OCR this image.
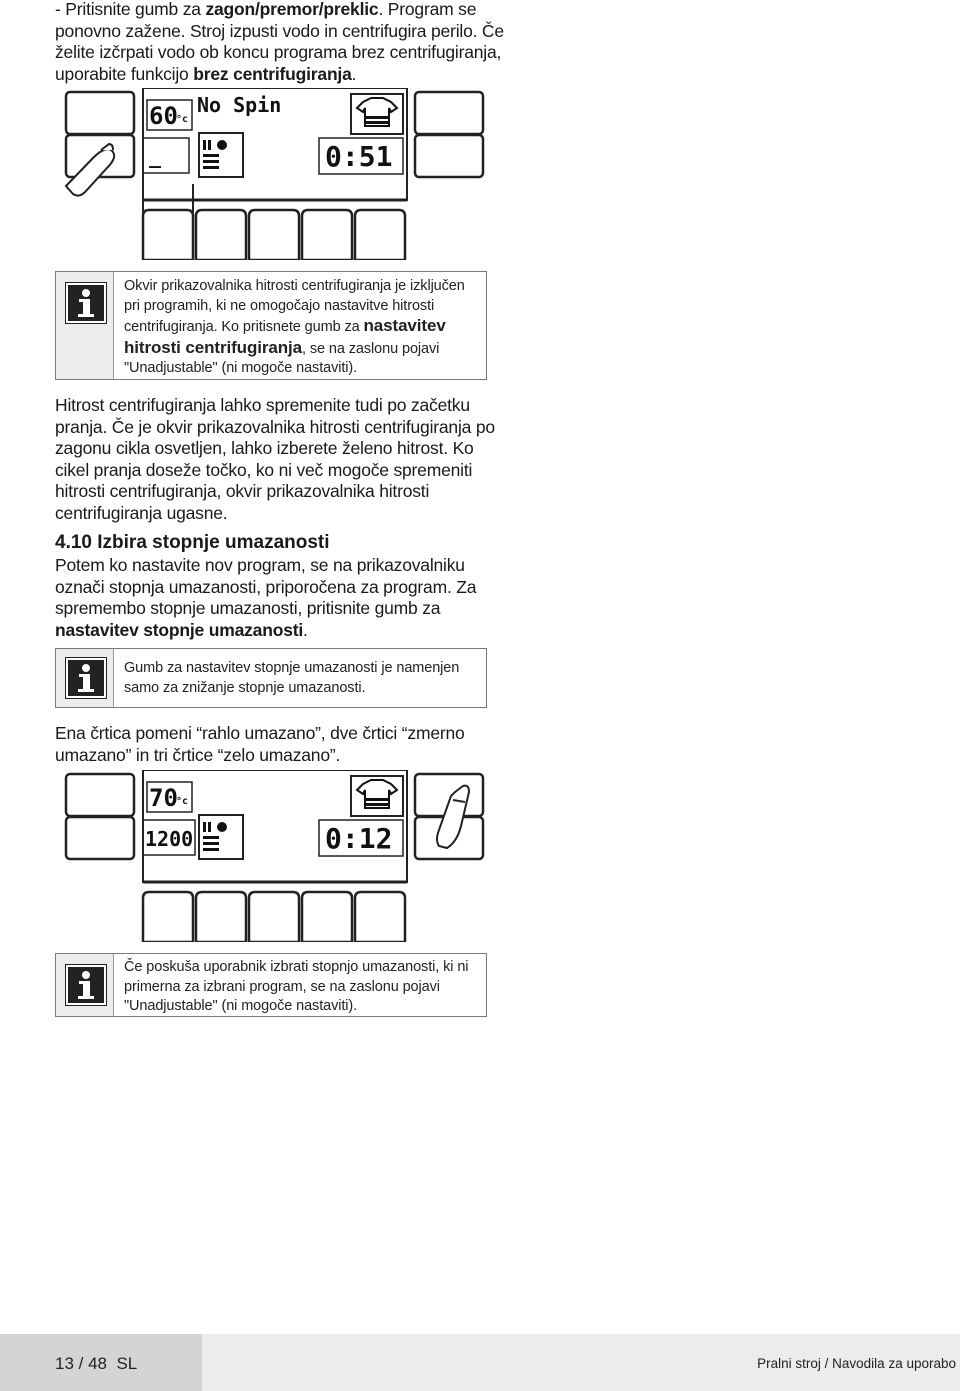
- Pritisnite gumb za zagon/premor/preklic. Program se ponovno zažene. Stroj izpusti vodo in centrifugira perilo. Če želite izčrpati vodo ob koncu programa brez centrifugiranja, uporabite funkcijo brez centrifugiranja.
60
°c
No Spin
_	0:51
Okvir prikazovalnika hitrosti centrifugiranja je izključen pri programih, ki ne omogočajo nastavitve hitrosti centrifugiranja. Ko pritisnete gumb za nastavitev hitrosti centrifugiranja, se na zaslonu pojavi "Unadjustable" (ni mogoče nastaviti).
Hitrost centrifugiranja lahko spremenite tudi po začetku pranja. Če je okvir prikazovalnika hitrosti centrifugiranja po zagonu cikla osvetljen, lahko izberete želeno hitrost. Ko cikel pranja doseže točko, ko ni več mogoče spremeniti hitrosti centrifugiranja, okvir prikazovalnika hitrosti centrifugiranja ugasne.
4.10 Izbira stopnje umazanosti
Potem ko nastavite nov program, se na prikazovalniku označi stopnja umazanosti, priporočena za program. Za spremembo stopnje umazanosti, pritisnite gumb za nastavitev stopnje umazanosti.
Gumb za nastavitev stopnje umazanosti je namenjen samo za znižanje stopnje umazanosti.
Ena črtica pomeni “rahlo umazano”, dve črtici “zmerno umazano” in tri črtice “zelo umazano”.
70
°c
1200	0:12
Če poskuša uporabnik izbrati stopnjo umazanosti, ki ni primerna za izbrani program, se na zaslonu pojavi "Unadjustable" (ni mogoče nastaviti).
13 / 48 SL	Pralni stroj / Navodila za uporabo
